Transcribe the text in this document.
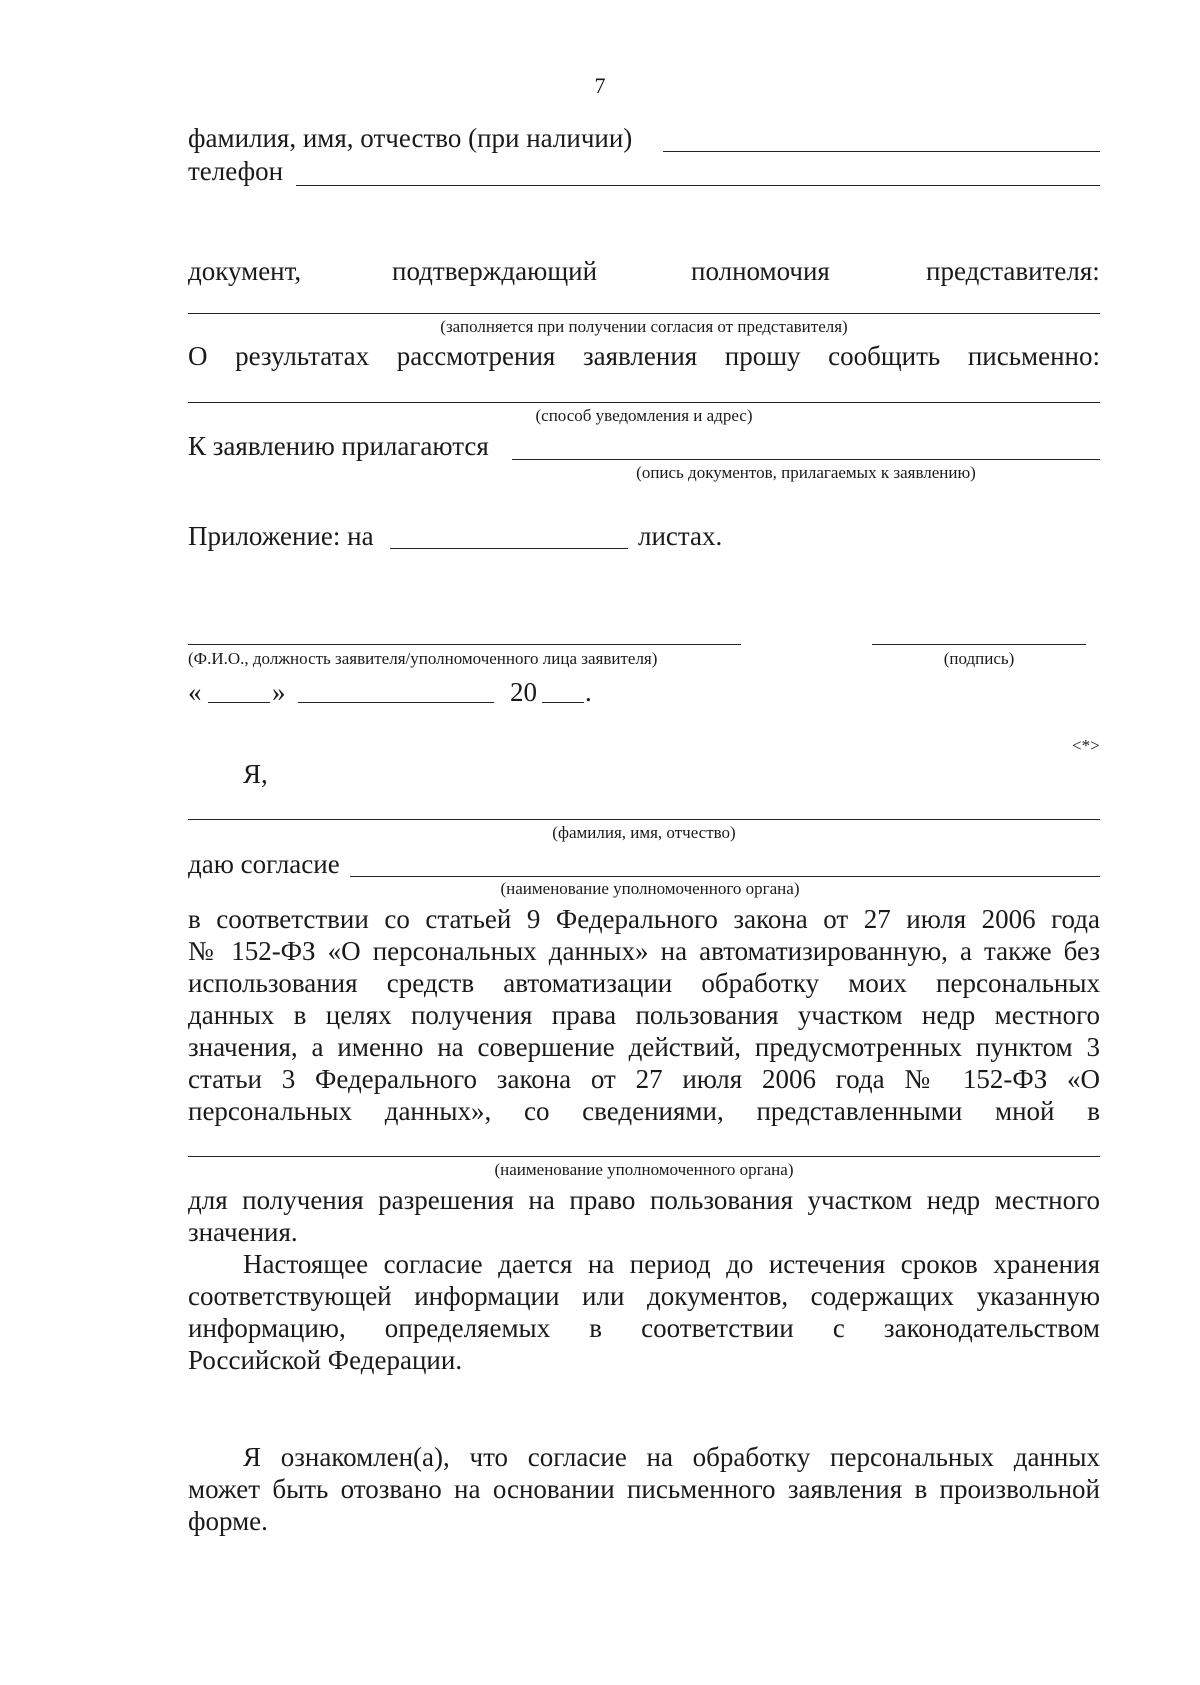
7
фамилия, имя, отчество (при наличии)
телефон
документ,	подтверждающий	полномочия	представителя:
(заполняется при получении согласия от представителя)
О результатах рассмотрения заявления прошу сообщить письменно:
(способ уведомления и адрес)
К заявлению прилагаются
(опись документов, прилагаемых к заявлению)
Приложение: на	листах.
(Ф.И.О., должность заявителя/уполномоченного лица заявителя)	(подпись)
«	»	20 .
<*>
Я,
(фамилия, имя, отчество)
даю согласие
(наименование уполномоченного органа)
в соответствии со статьей 9 Федерального закона от 27 июля 2006 года
№ 152-ФЗ «О персональных данных» на автоматизированную, а также без
использования средств автоматизации обработку моих персональных
данных в целях получения права пользования участком недр местного
значения, а именно на совершение действий, предусмотренных пунктом 3
статьи 3 Федерального закона от 27 июля 2006 года № 152-ФЗ «О
персональных данных», со сведениями, представленными мной в
(наименование уполномоченного органа)
для получения разрешения на право пользования участком недр местного
значения.
Настоящее согласие дается на период до истечения сроков хранения
соответствующей информации или документов, содержащих указанную
информацию, определяемых в соответствии с законодательством
Российской Федерации.
Я ознакомлен(а), что согласие на обработку персональных данных
может быть отозвано на основании письменного заявления в произвольной
форме.
